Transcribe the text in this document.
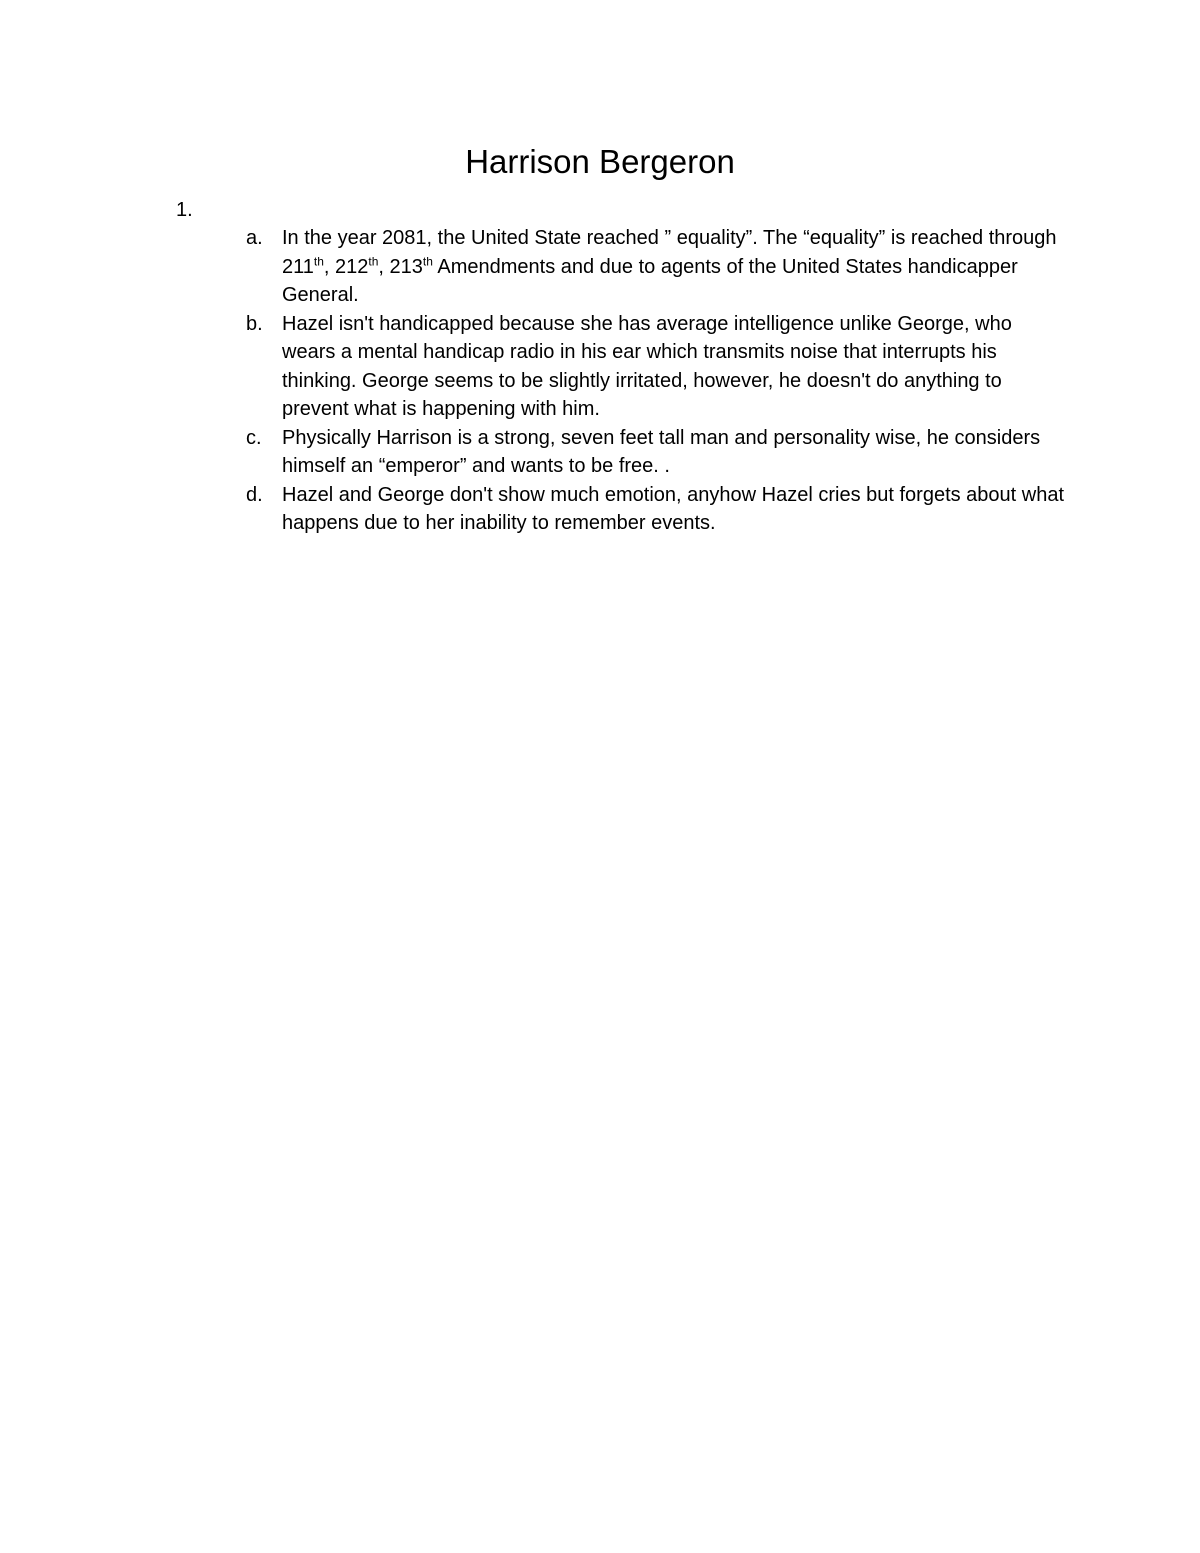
Harrison Bergeron
1.
a. In the year 2081, the United State reached ” equality”. The “equality” is reached through 211th, 212th, 213th Amendments and due to agents of the United States handicapper General.
b. Hazel isn't handicapped because she has average intelligence unlike George, who wears a mental handicap radio in his ear which transmits noise that interrupts his thinking. George seems to be slightly irritated, however, he doesn't do anything to prevent what is happening with him.
c. Physically Harrison is a strong, seven feet tall man and personality wise, he considers himself an “emperor” and wants to be free. .
d. Hazel and George don't show much emotion, anyhow Hazel cries but forgets about what happens due to her inability to remember events.
